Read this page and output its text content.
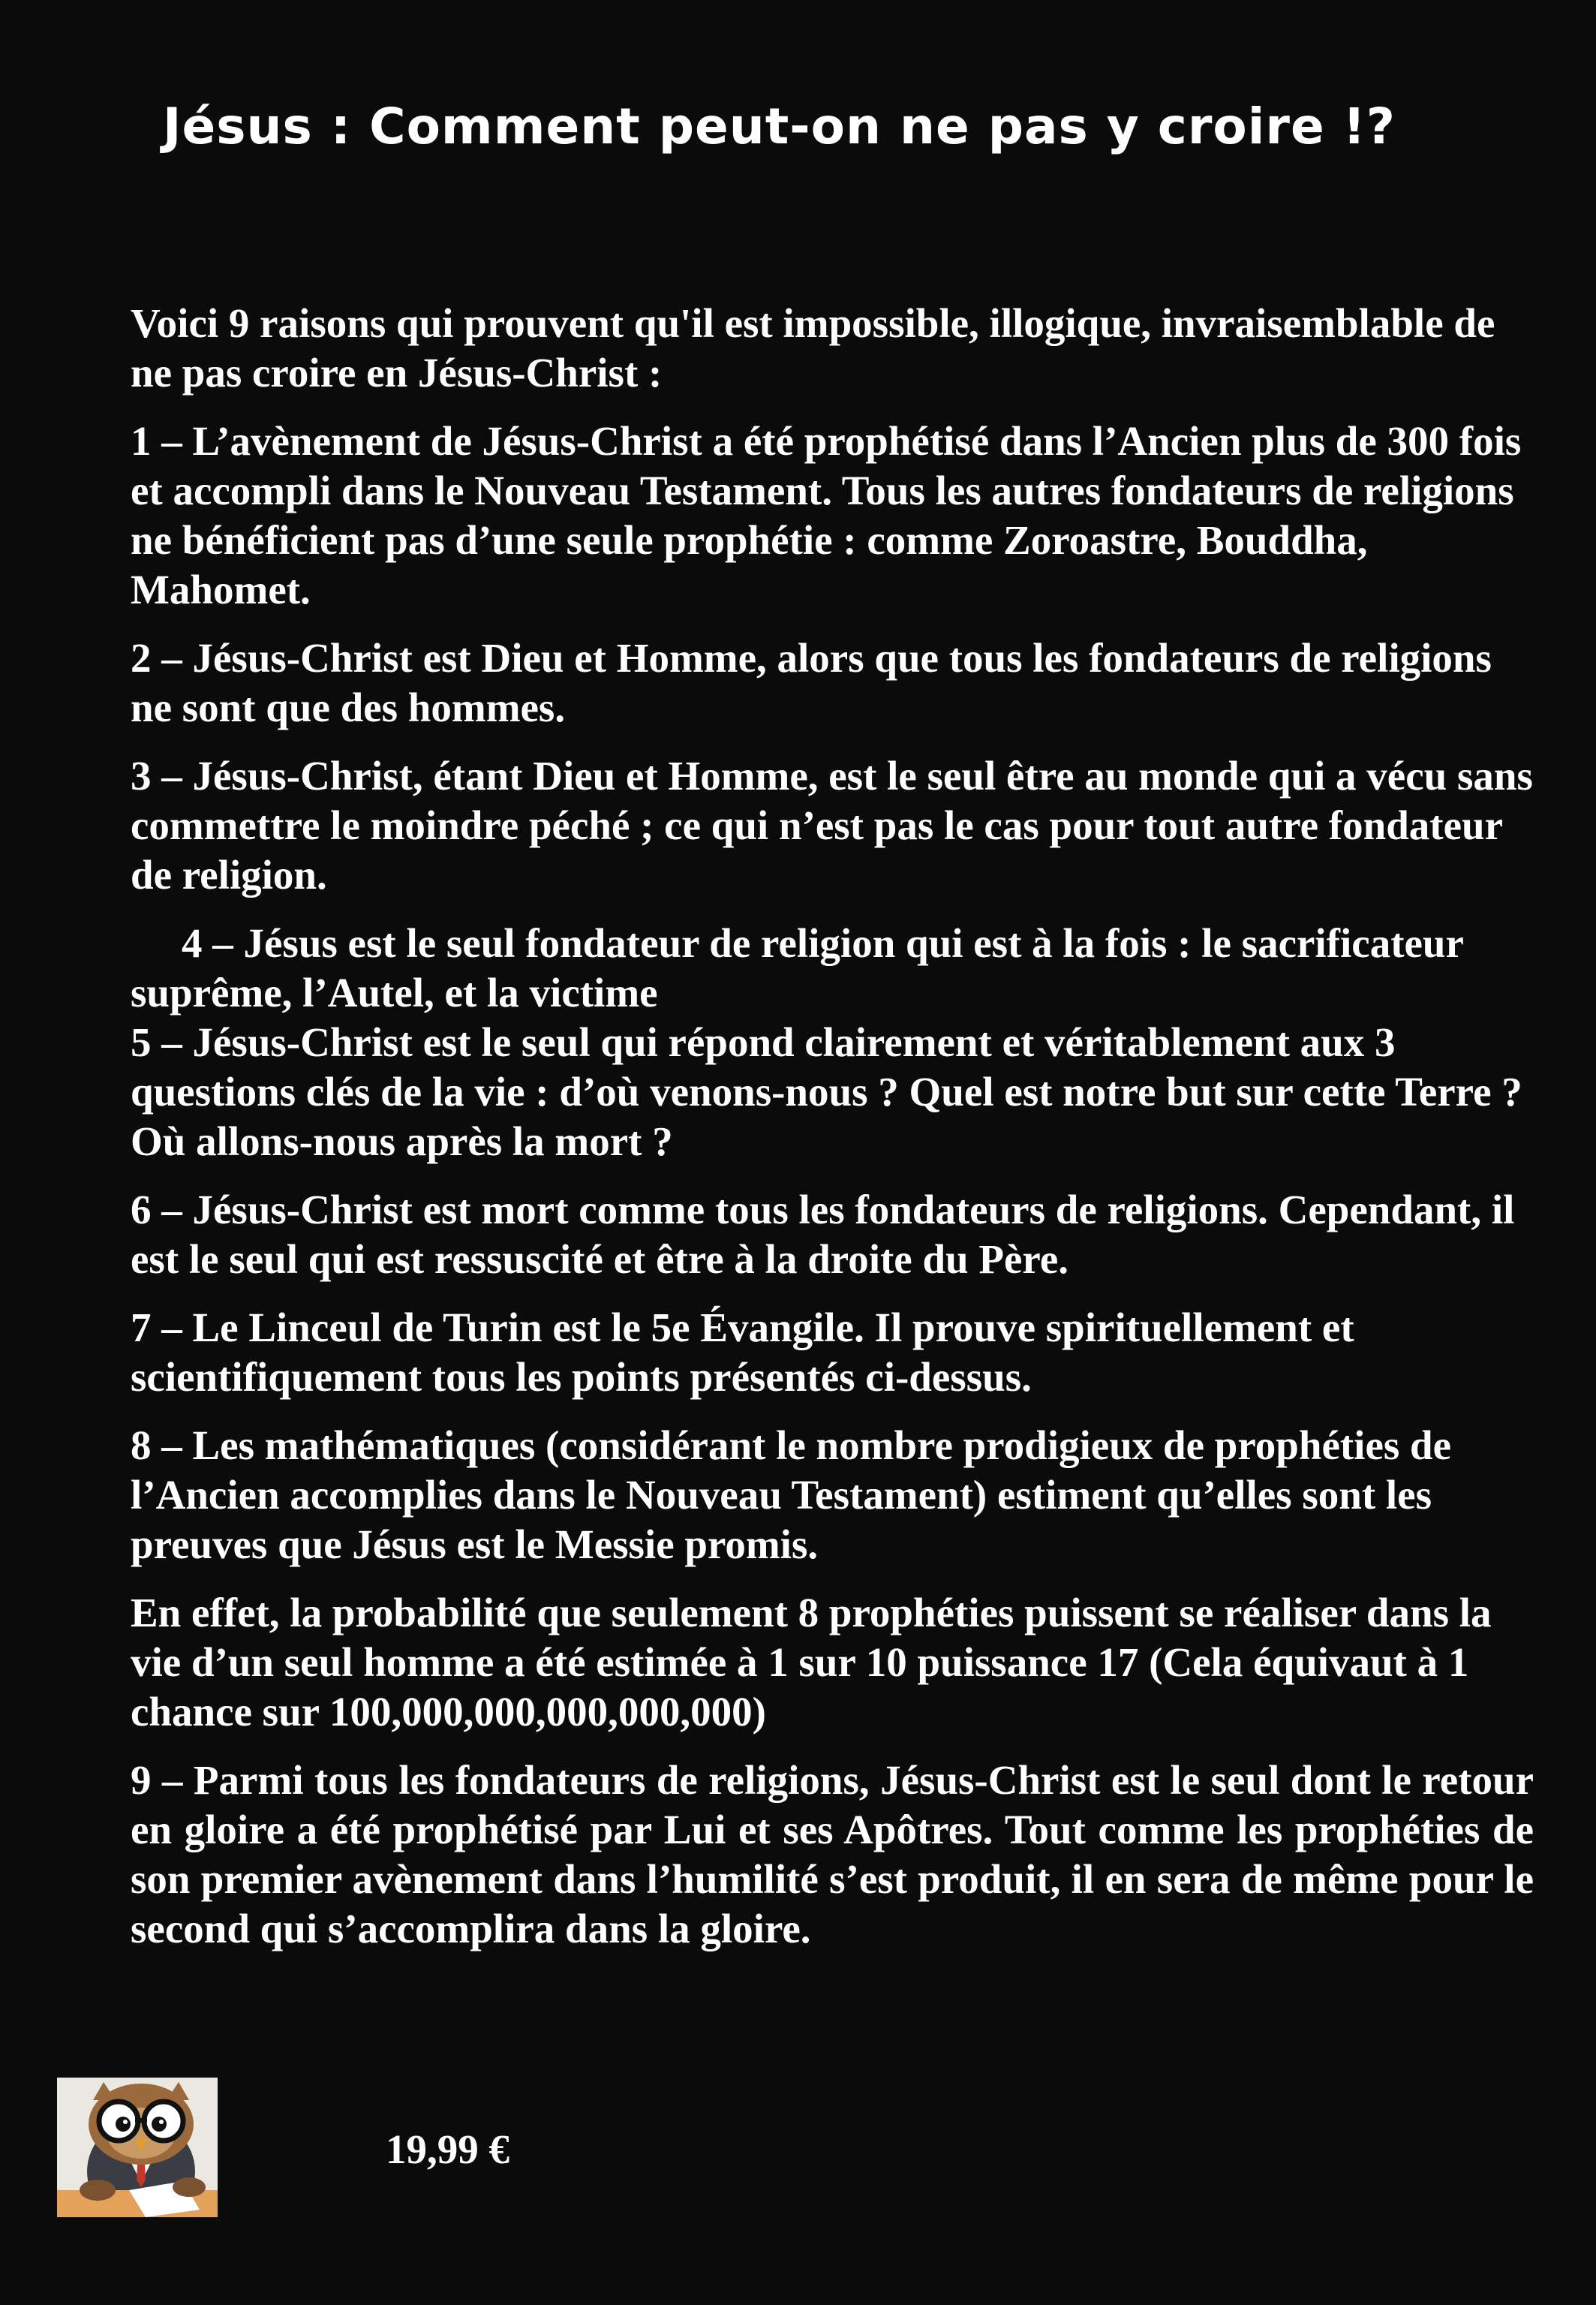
Jésus : Comment peut-on ne pas y croire !?

Voici 9 raisons qui prouvent qu'il est impossible, illogique, invraisemblable de ne pas croire en Jésus-Christ :

1 – L’avènement de Jésus-Christ a été prophétisé dans l’Ancien plus de 300 fois et accompli dans le Nouveau Testament. Tous les autres fondateurs de religions ne bénéficient pas d’une seule prophétie : comme Zoroastre, Bouddha, Mahomet.

2 – Jésus-Christ est Dieu et Homme, alors que tous les fondateurs de religions ne sont que des hommes.

3 – Jésus-Christ, étant Dieu et Homme, est le seul être au monde qui a vécu sans commettre le moindre péché ; ce qui n’est pas le cas pour tout autre fondateur de religion.

4 – Jésus est le seul fondateur de religion qui est à la fois : le sacrificateur suprême, l’Autel, et la victime

5 – Jésus-Christ est le seul qui répond clairement et véritablement aux 3 questions clés de la vie : d’où venons-nous ? Quel est notre but sur cette Terre ? Où allons-nous après la mort ?

6 – Jésus-Christ est mort comme tous les fondateurs de religions. Cependant, il est le seul qui est ressuscité et être à la droite du Père.

7 – Le Linceul de Turin est le 5e Évangile. Il prouve spirituellement et scientifiquement tous les points présentés ci-dessus.

8 – Les mathématiques (considérant le nombre prodigieux de prophéties de l’Ancien accomplies dans le Nouveau Testament) estiment qu’elles sont les preuves que Jésus est le Messie promis.

En effet, la probabilité que seulement 8 prophéties puissent se réaliser dans la vie d’un seul homme a été estimée à 1 sur 10 puissance 17 (Cela équivaut à 1 chance sur 100,000,000,000,000,000)

9 – Parmi tous les fondateurs de religions, Jésus-Christ est le seul dont le retour en gloire a été prophétisé par Lui et ses Apôtres. Tout comme les prophéties de son premier avènement dans l’humilité s’est produit, il en sera de même pour le second qui s’accomplira dans la gloire.

19,99 €
